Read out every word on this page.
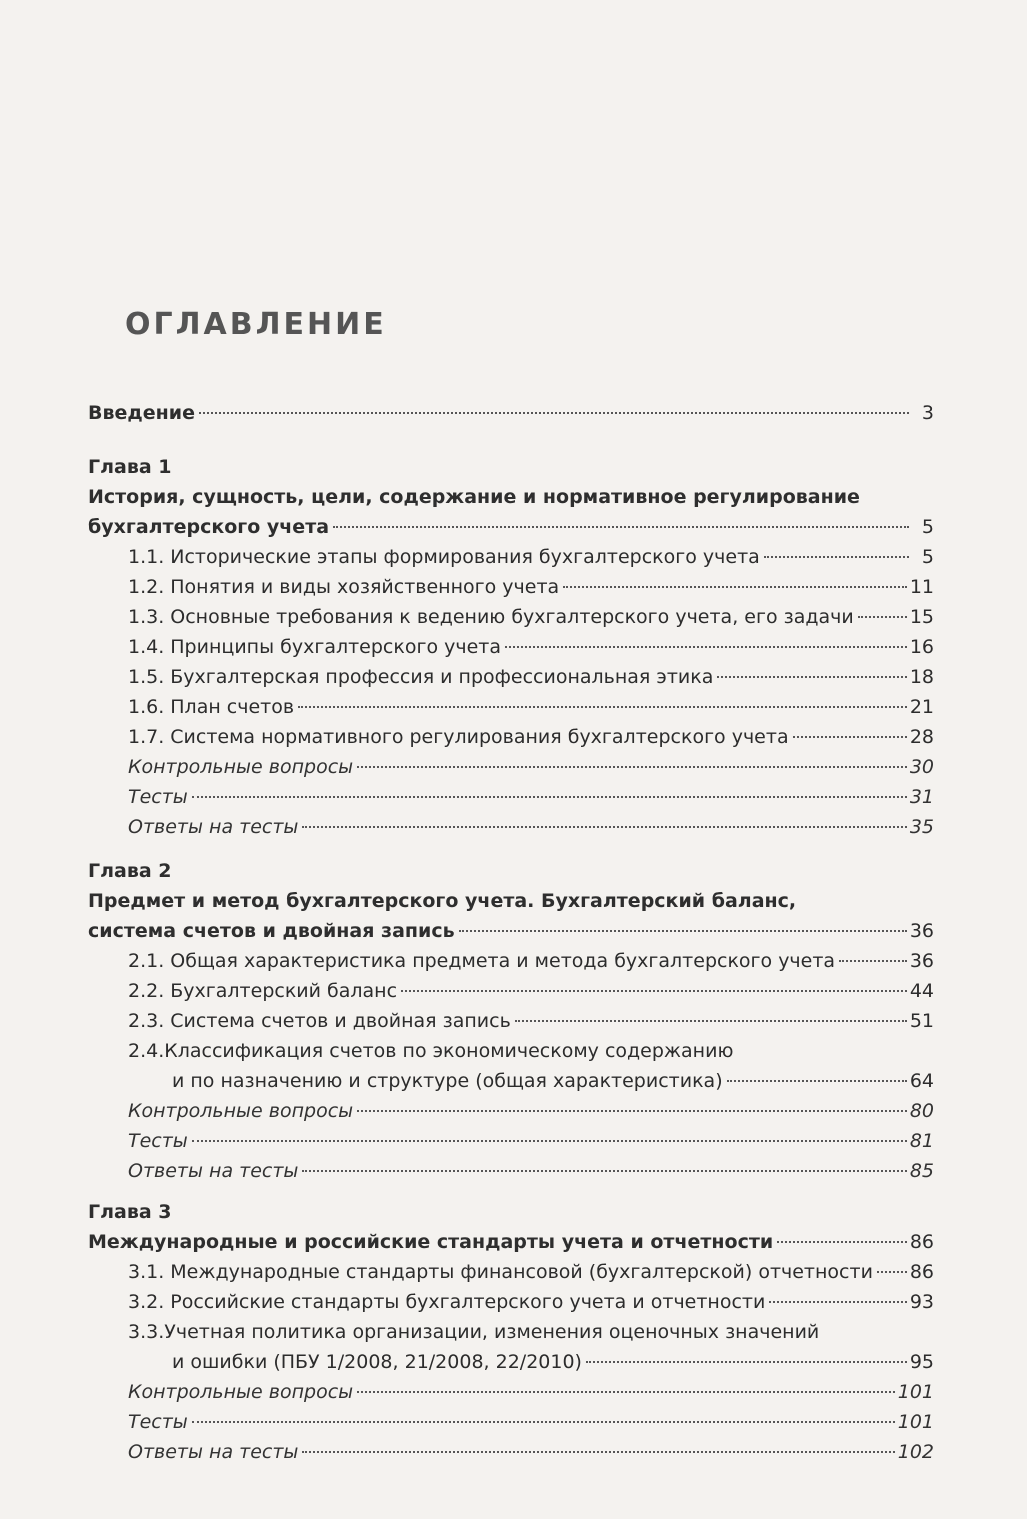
ОГЛАВЛЕНИЕ
Введение	3
Глава 1
История, сущность, цели, содержание и нормативное регулирование
бухгалтерского учета	5
1.1. Исторические этапы формирования бухгалтерского учета	5
1.2. Понятия и виды хозяйственного учета	11
1.3. Основные требования к ведению бухгалтерского учета, его задачи	15
1.4. Принципы бухгалтерского учета	16
1.5. Бухгалтерская профессия и профессиональная этика	18
1.6. План счетов	21
1.7. Система нормативного регулирования бухгалтерского учета	28
Контрольные вопросы	30
Тесты	31
Ответы на тесты	35
Глава 2
Предмет и метод бухгалтерского учета. Бухгалтерский баланс,
система счетов и двойная запись	36
2.1. Общая характеристика предмета и метода бухгалтерского учета	36
2.2. Бухгалтерский баланс	44
2.3. Система счетов и двойная запись	51
2.4.Классификация счетов по экономическому содержанию
и по назначению и структуре (общая характеристика)	64
Контрольные вопросы	80
Тесты	81
Ответы на тесты	85
Глава 3
Международные и российские стандарты учета и отчетности	86
3.1. Международные стандарты финансовой (бухгалтерской) отчетности 86
3.2. Российские стандарты бухгалтерского учета и отчетности	93
3.3.Учетная политика организации, изменения оценочных значений
и ошибки (ПБУ 1/2008, 21/2008, 22/2010)	95
Контрольные вопросы	101
Тесты	101
Ответы на тесты	102
